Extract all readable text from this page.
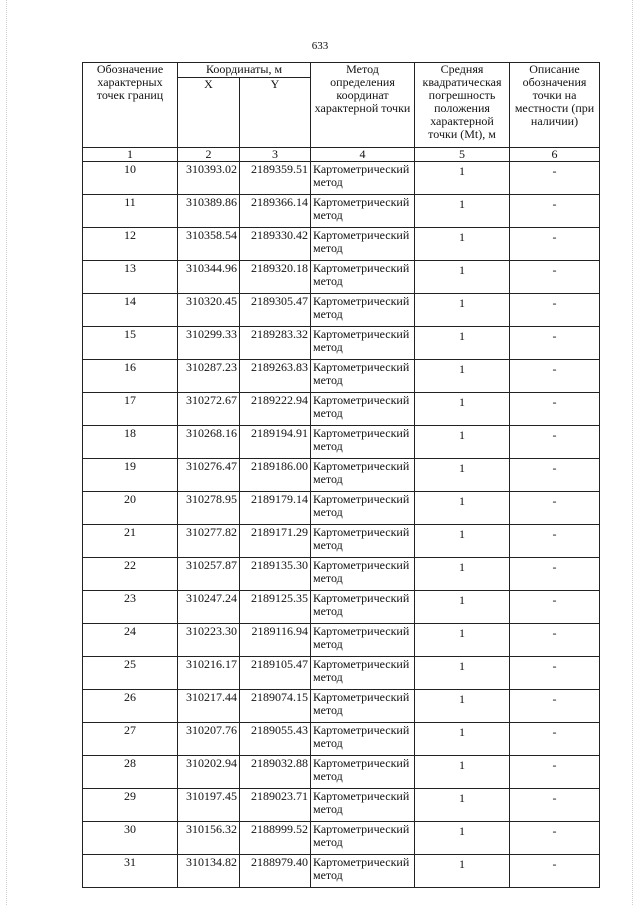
633
Обозначение характерных точек границ	Координаты, м		Метод определения координат характерной точки	Средняя квадратическая погрешность положения характерной точки (Mt), м	Описание обозначения точки на местности (при наличии)
	X	Y			
1	2	3	4	5	6
10	310393.02	2189359.51	Картометрический метод	1	-
11	310389.86	2189366.14	Картометрический метод	1	-
12	310358.54	2189330.42	Картометрический метод	1	-
13	310344.96	2189320.18	Картометрический метод	1	-
14	310320.45	2189305.47	Картометрический метод	1	-
15	310299.33	2189283.32	Картометрический метод	1	-
16	310287.23	2189263.83	Картометрический метод	1	-
17	310272.67	2189222.94	Картометрический метод	1	-
18	310268.16	2189194.91	Картометрический метод	1	-
19	310276.47	2189186.00	Картометрический метод	1	-
20	310278.95	2189179.14	Картометрический метод	1	-
21	310277.82	2189171.29	Картометрический метод	1	-
22	310257.87	2189135.30	Картометрический метод	1	-
23	310247.24	2189125.35	Картометрический метод	1	-
24	310223.30	2189116.94	Картометрический метод	1	-
25	310216.17	2189105.47	Картометрический метод	1	-
26	310217.44	2189074.15	Картометрический метод	1	-
27	310207.76	2189055.43	Картометрический метод	1	-
28	310202.94	2189032.88	Картометрический метод	1	-
29	310197.45	2189023.71	Картометрический метод	1	-
30	310156.32	2188999.52	Картометрический метод	1	-
31	310134.82	2188979.40	Картометрический метод	1	-
